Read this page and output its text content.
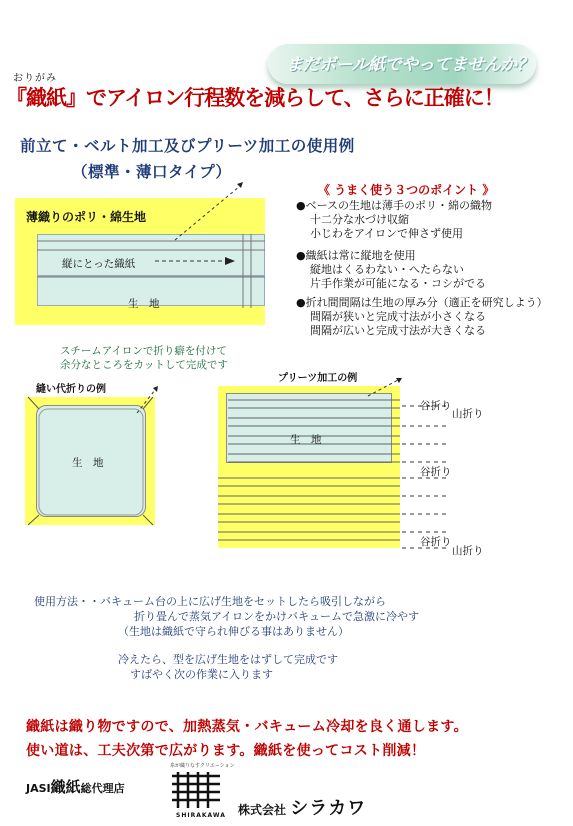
まだボール紙でやってませんか？
おりがみ
『織紙』でアイロン行程数を減らして、さらに正確に！
前立て・ベルト加工及びプリーツ加工の使用例
（標準・薄口タイプ）
《 うまく使う３つのポイント 》
●ベースの生地は薄手のポリ・綿の織物
十二分な水づけ収縮
小じわをアイロンで伸さず使用
●織紙は常に縦地を使用
縦地はくるわない・へたらない
片手作業が可能になる・コシがでる
●折れ間間隔は生地の厚み分（適正を研究しよう）
間隔が狭いと完成寸法が小さくなる
間隔が広いと完成寸法が大きくなる
薄織りのポリ・綿生地
縦にとった織紙
生　地
スチームアイロンで折り癖を付けて
余分なところをカットして完成です
縫い代折りの例
生　地
プリーツ加工の例
生　地
谷折り
山折り
谷折り
谷折り
山折り
使用方法・・バキューム台の上に広げ生地をセットしたら吸引しながら
折り畳んで蒸気アイロンをかけバキュームで急激に冷やす
（生地は織紙で守られ伸びる事はありません）
冷えたら、型を広げ生地をはずして完成です
すばやく次の作業に入ります
織紙は織り物ですので、加熱蒸気・バキューム冷却を良く通します。
使い道は、工夫次第で広がります。織紙を使ってコスト削減！
JASI織紙総代理店
糸が織りなすクリエーション
SHIRAKAWA 株式会社 シラカワ
